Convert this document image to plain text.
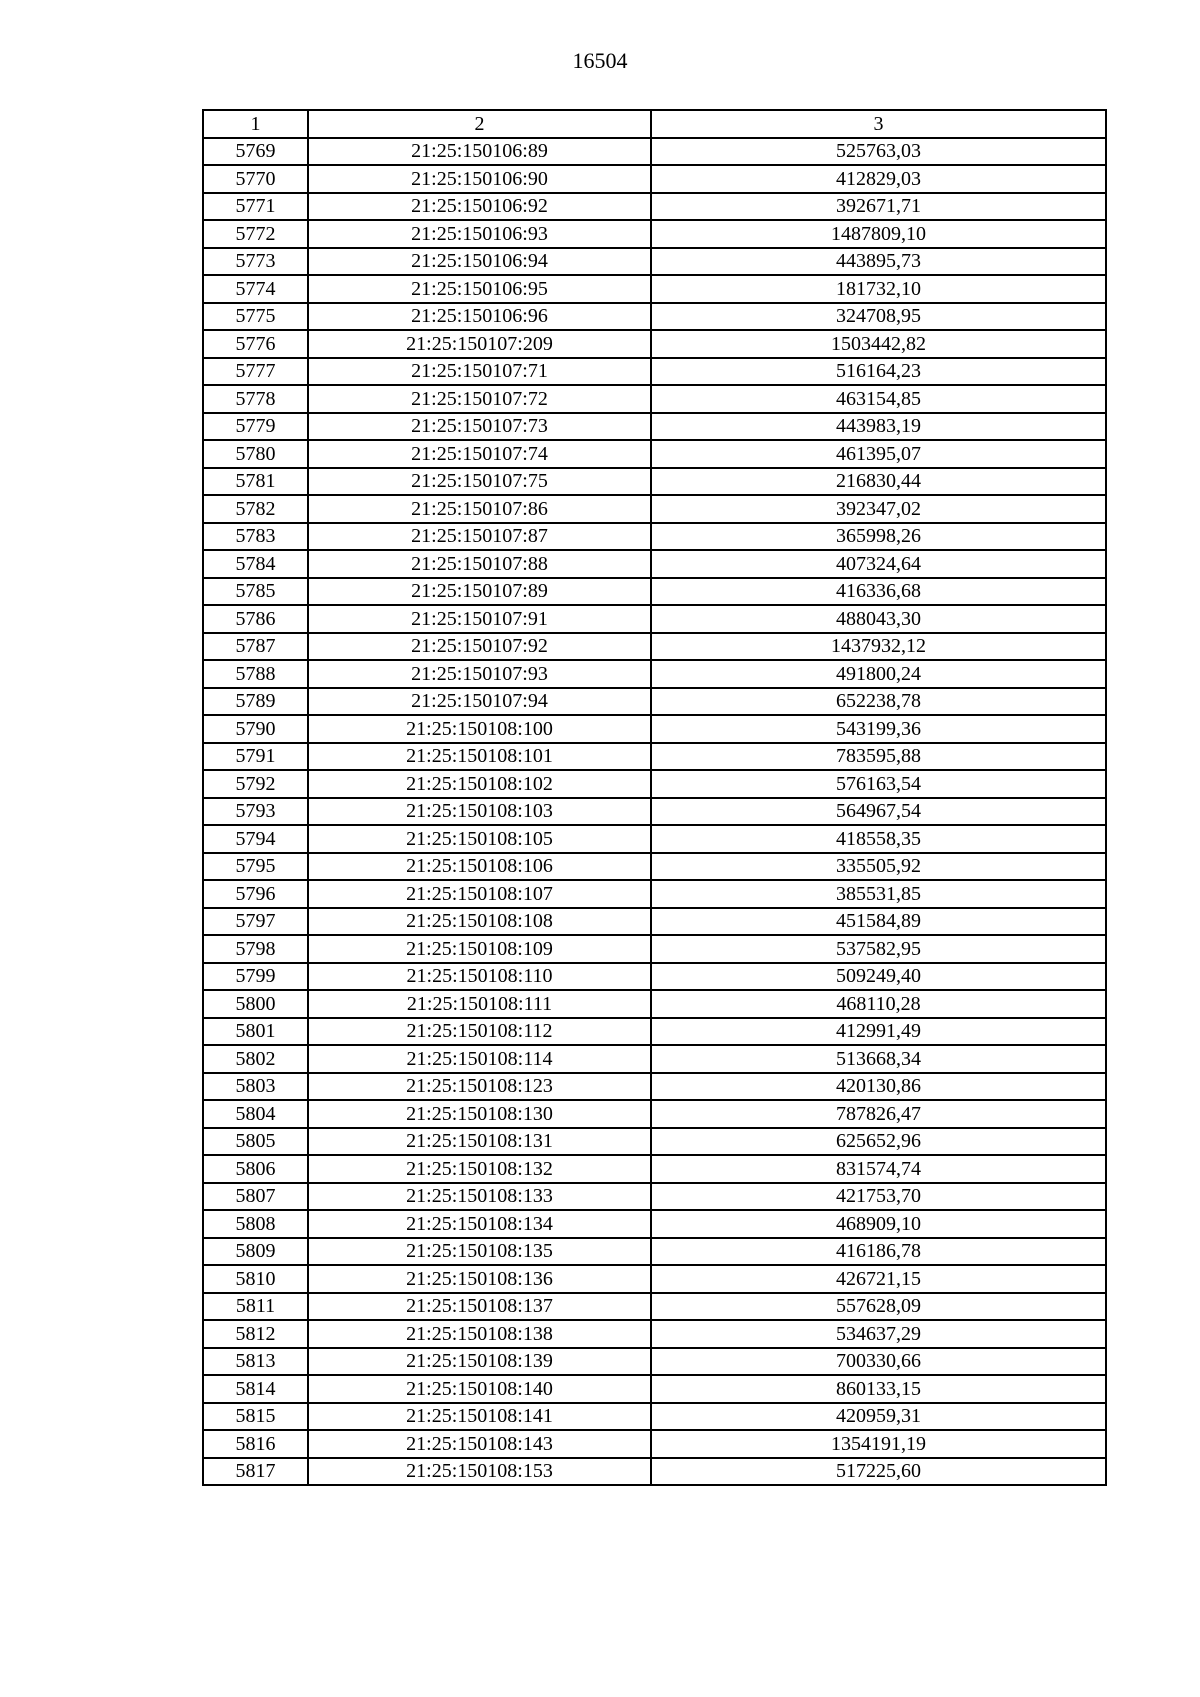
16504
1	2	3
5769	21:25:150106:89	525763,03
5770	21:25:150106:90	412829,03
5771	21:25:150106:92	392671,71
5772	21:25:150106:93	1487809,10
5773	21:25:150106:94	443895,73
5774	21:25:150106:95	181732,10
5775	21:25:150106:96	324708,95
5776	21:25:150107:209	1503442,82
5777	21:25:150107:71	516164,23
5778	21:25:150107:72	463154,85
5779	21:25:150107:73	443983,19
5780	21:25:150107:74	461395,07
5781	21:25:150107:75	216830,44
5782	21:25:150107:86	392347,02
5783	21:25:150107:87	365998,26
5784	21:25:150107:88	407324,64
5785	21:25:150107:89	416336,68
5786	21:25:150107:91	488043,30
5787	21:25:150107:92	1437932,12
5788	21:25:150107:93	491800,24
5789	21:25:150107:94	652238,78
5790	21:25:150108:100	543199,36
5791	21:25:150108:101	783595,88
5792	21:25:150108:102	576163,54
5793	21:25:150108:103	564967,54
5794	21:25:150108:105	418558,35
5795	21:25:150108:106	335505,92
5796	21:25:150108:107	385531,85
5797	21:25:150108:108	451584,89
5798	21:25:150108:109	537582,95
5799	21:25:150108:110	509249,40
5800	21:25:150108:111	468110,28
5801	21:25:150108:112	412991,49
5802	21:25:150108:114	513668,34
5803	21:25:150108:123	420130,86
5804	21:25:150108:130	787826,47
5805	21:25:150108:131	625652,96
5806	21:25:150108:132	831574,74
5807	21:25:150108:133	421753,70
5808	21:25:150108:134	468909,10
5809	21:25:150108:135	416186,78
5810	21:25:150108:136	426721,15
5811	21:25:150108:137	557628,09
5812	21:25:150108:138	534637,29
5813	21:25:150108:139	700330,66
5814	21:25:150108:140	860133,15
5815	21:25:150108:141	420959,31
5816	21:25:150108:143	1354191,19
5817	21:25:150108:153	517225,60
